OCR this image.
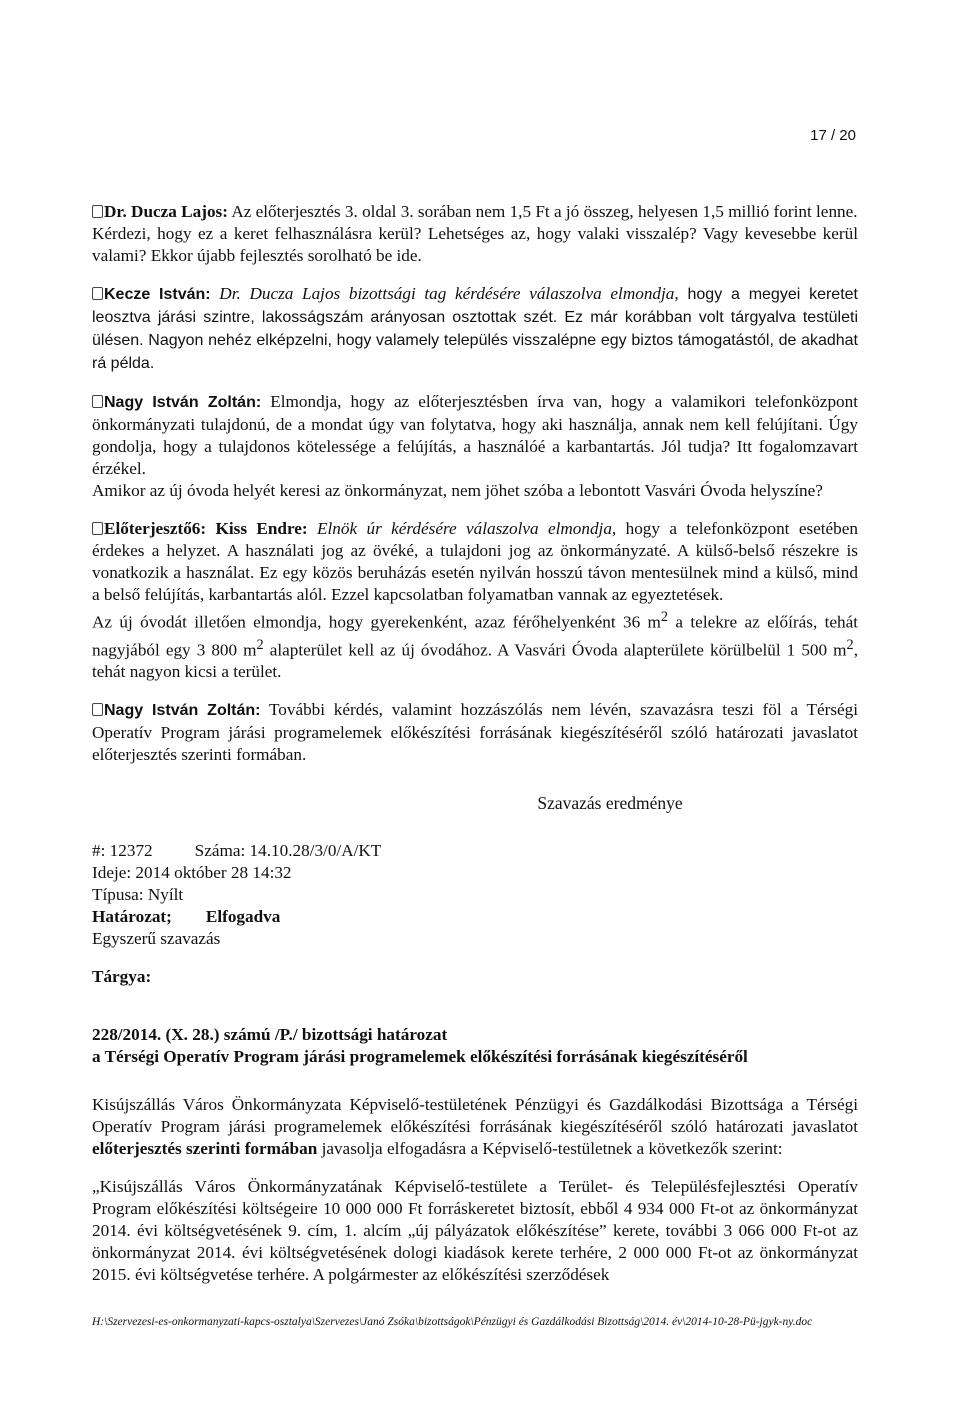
17 / 20

Dr. Ducza Lajos: Az előterjesztés 3. oldal 3. sorában nem 1,5 Ft a jó összeg, helyesen 1,5 millió forint lenne.
Kérdezi, hogy ez a keret felhasználásra kerül? Lehetséges az, hogy valaki visszalép? Vagy kevesebbe kerül valami? Ekkor újabb fejlesztés sorolható be ide.

Kecze István: Dr. Ducza Lajos bizottsági tag kérdésére válaszolva elmondja, hogy a megyei keretet leosztva járási szintre, lakosságszám arányosan osztottak szét. Ez már korábban volt tárgyalva testületi ülésen. Nagyon nehéz elképzelni, hogy valamely település visszalépne egy biztos támogatástól, de akadhat rá példa.

Nagy István Zoltán: Elmondja, hogy az előterjesztésben írva van, hogy a valamikori telefonközpont önkormányzati tulajdonú, de a mondat úgy van folytatva, hogy aki használja, annak nem kell felújítani. Úgy gondolja, hogy a tulajdonos kötelessége a felújítás, a használóé a karbantartás. Jól tudja? Itt fogalomzavart érzékel.
Amikor az új óvoda helyét keresi az önkormányzat, nem jöhet szóba a lebontott Vasvári Óvoda helyszíne?

Előterjesztő6: Kiss Endre: Elnök úr kérdésére válaszolva elmondja, hogy a telefonközpont esetében érdekes a helyzet. A használati jog az övéké, a tulajdoni jog az önkormányzaté. A külső-belső részekre is vonatkozik a használat. Ez egy közös beruházás esetén nyilván hosszú távon mentesülnek mind a külső, mind a belső felújítás, karbantartás alól. Ezzel kapcsolatban folyamatban vannak az egyeztetések.
Az új óvodát illetően elmondja, hogy gyerekenként, azaz férőhelyenként 36 $m^2$ a telekre az előírás, tehát nagyjából egy 3 800 $m^2$ alapterület kell az új óvodához. A Vasvári Óvoda alapterülete körülbelül 1 500 $m^2$, tehát nagyon kicsi a terület.

Nagy István Zoltán: További kérdés, valamint hozzászólás nem lévén, szavazásra teszi föl a Térségi Operatív Program járási programelemek előkészítési forrásának kiegészítéséről szóló határozati javaslatot előterjesztés szerinti formában.

Szavazás eredménye
#: 12372 Száma: 14.10.28/3/0/A/KT
Ideje: 2014 október 28 14:32
Típusa: Nyílt
Határozat; Elfogadva
Egyszerű szavazás
Tárgya:
228/2014. (X. 28.) számú /P./ bizottsági határozat
a Térségi Operatív Program járási programelemek előkészítési forrásának kiegészítéséről

Kisújszállás Város Önkormányzata Képviselő-testületének Pénzügyi és Gazdálkodási Bizottsága a Térségi Operatív Program járási programelemek előkészítési forrásának kiegészítéséről szóló határozati javaslatot előterjesztés szerinti formában javasolja elfogadásra a Képviselő-testületnek a következők szerint:

„Kisújszállás Város Önkormányzatának Képviselő-testülete a Terület- és Településfejlesztési Operatív Program előkészítési költségeire 10 000 000 Ft forráskeretet biztosít, ebből 4 934 000 Ft-ot az önkormányzat 2014. évi költségvetésének 9. cím, 1. alcím „új pályázatok előkészítése” kerete, további 3 066 000 Ft-ot az önkormányzat 2014. évi költségvetésének dologi kiadások kerete terhére, 2 000 000 Ft-ot az önkormányzat 2015. évi költségvetése terhére. A polgármester az előkészítési szerződések

H:\Szervezesi-es-onkormanyzati-kapcs-osztalya\Szervezes\Janó Zsóka\bizottságok\Pénzügyi és Gazdálkodási Bizottság\2014. év\2014-10-28-Pü-jgyk-ny.doc
